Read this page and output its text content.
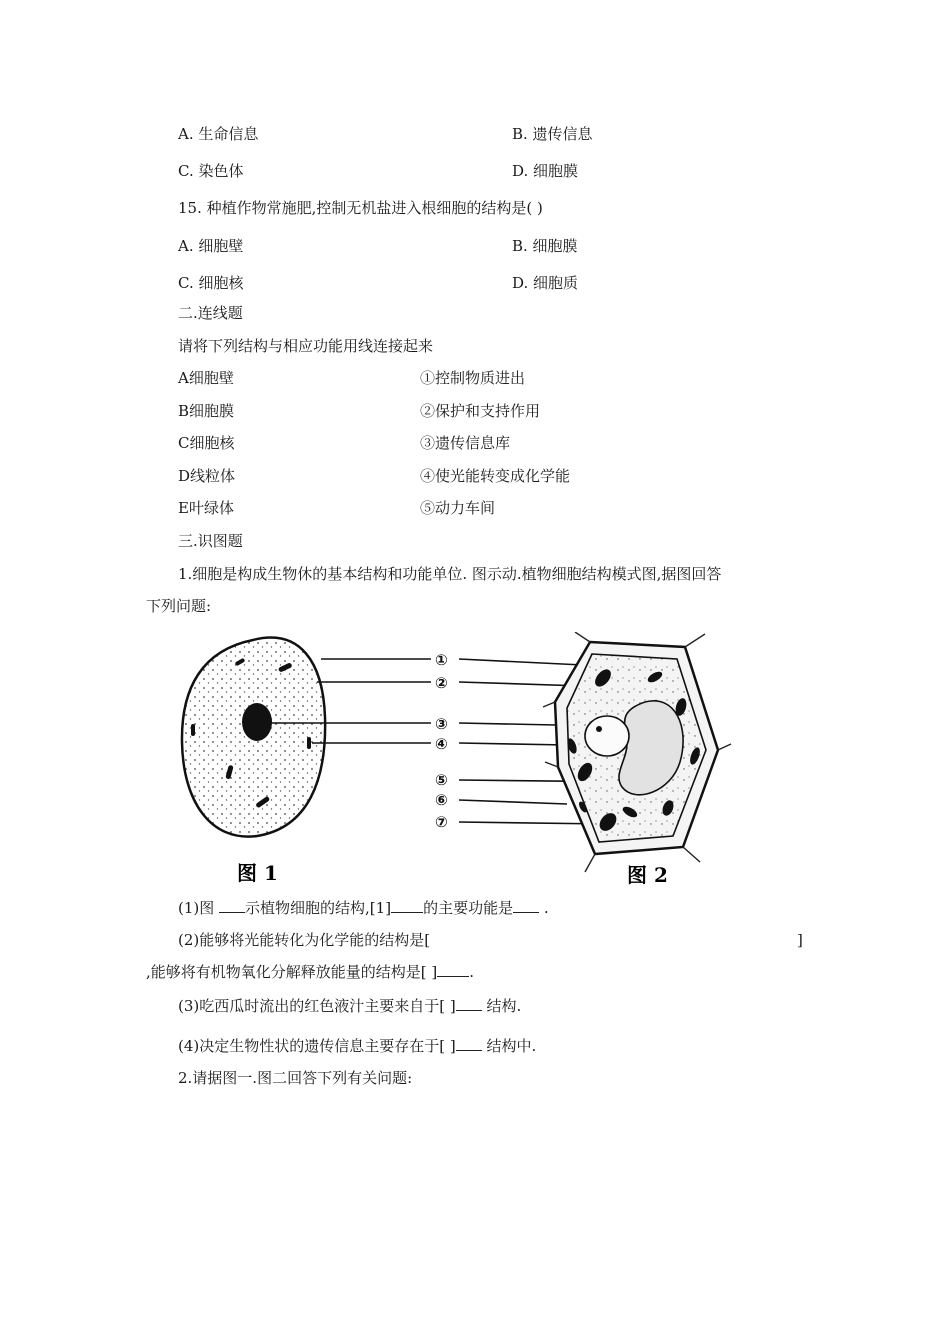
A. 生命信息	B. 遗传信息
C. 染色体	D. 细胞膜
15. 种植作物常施肥,控制无机盐进入根细胞的结构是( )
A. 细胞壁	B. 细胞膜
C. 细胞核	D. 细胞质
二.连线题
请将下列结构与相应功能用线连接起来
A细胞壁	①控制物质进出
B细胞膜	②保护和支持作用
C细胞核	③遗传信息库
D线粒体	④使光能转变成化学能
E叶绿体	⑤动力车间
三.识图题
1.细胞是构成生物休的基本结构和功能单位. 图示动.植物细胞结构模式图,据图回答
下列问题:
①
②
③
④
⑤
⑥
⑦
图 1	图 2
(1)图 示植物细胞的结构,[1] 的主要功能是 .
(2)能够将光能转化为化学能的结构是[	]
,能够将有机物氧化分解释放能量的结构是[ ] .
(3)吃西瓜时流出的红色液汁主要来自于[ ] 结构.
(4)决定生物性状的遗传信息主要存在于[ ] 结构中.
2.请据图一.图二回答下列有关问题:
